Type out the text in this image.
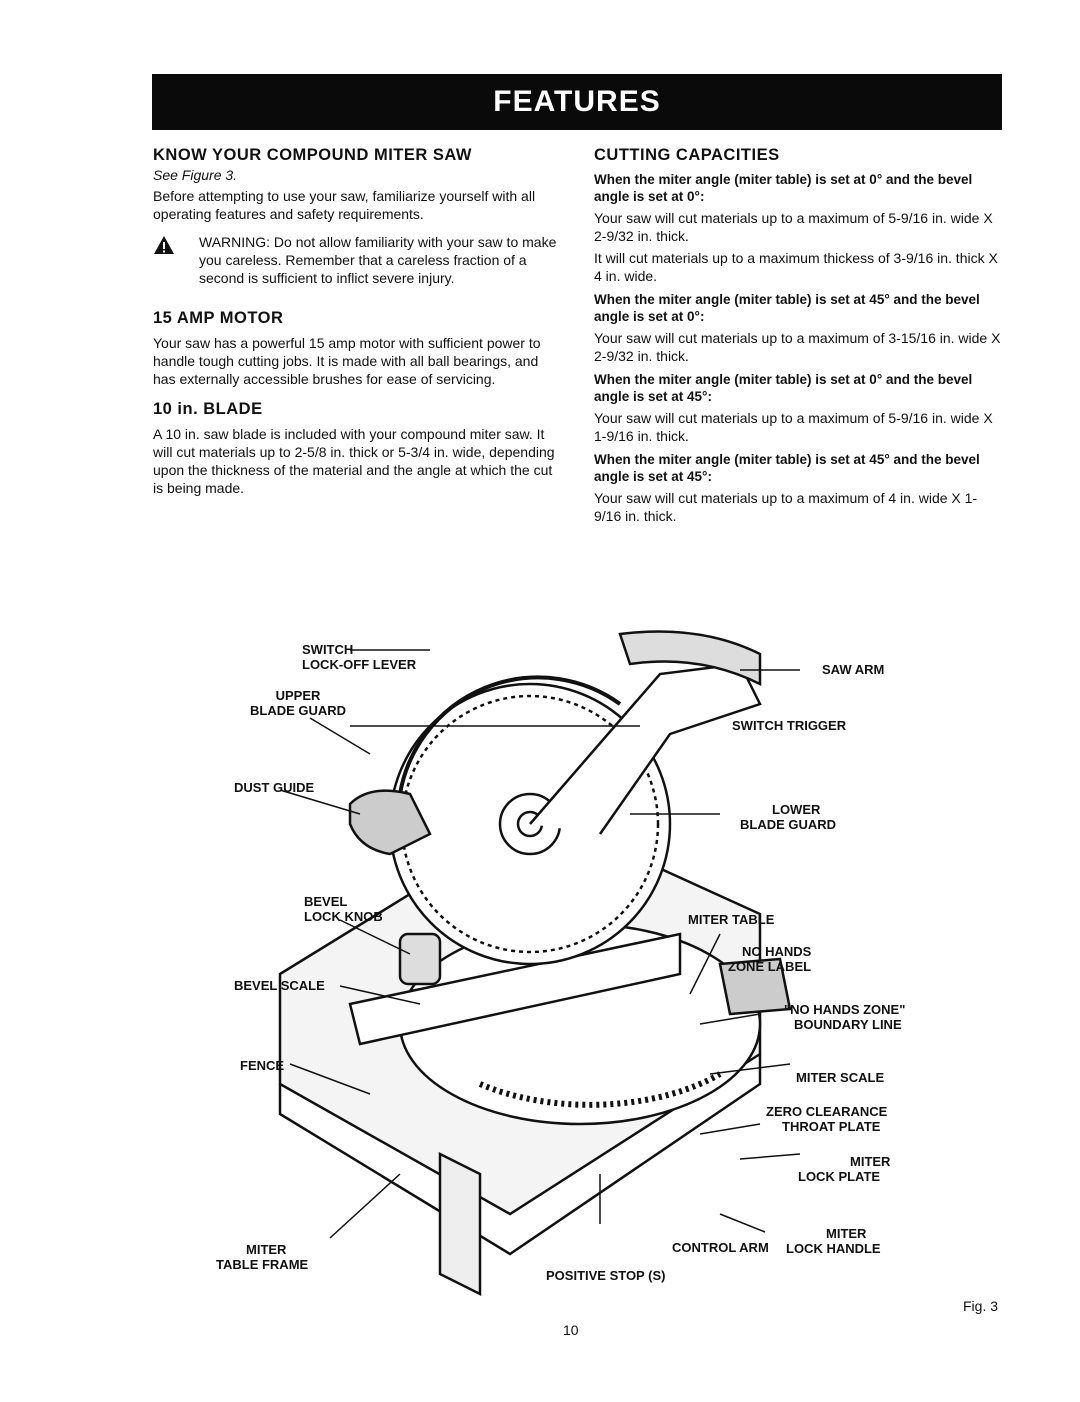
FEATURES
KNOW YOUR COMPOUND MITER SAW
See Figure 3.

Before attempting to use your saw, familiarize yourself with all operating features and safety requirements.

WARNING: Do not allow familiarity with your saw to make you careless. Remember that a careless fraction of a second is sufficient to inflict severe injury.
15 AMP MOTOR

Your saw has a powerful 15 amp motor with sufficient power to handle tough cutting jobs. It is made with all ball bearings, and has externally accessible brushes for ease of servicing.

10 in. BLADE

A 10 in. saw blade is included with your compound miter saw. It will cut materials up to 2-5/8 in. thick or 5-3/4 in. wide, depending upon the thickness of the material and the angle at which the cut is being made.

CUTTING CAPACITIES

When the miter angle (miter table) is set at 0° and the bevel angle is set at 0°:

Your saw will cut materials up to a maximum of 5-9/16 in. wide X 2-9/32 in. thick.

It will cut materials up to a maximum thickess of 3-9/16 in. thick X 4 in. wide.

When the miter angle (miter table) is set at 45° and the bevel angle is set at 0°:

Your saw will cut materials up to a maximum of 3-15/16 in. wide X 2-9/32 in. thick.

When the miter angle (miter table) is set at 0° and the bevel angle is set at 45°:

Your saw will cut materials up to a maximum of 5-9/16 in. wide X 1-9/16 in. thick.

When the miter angle (miter table) is set at 45° and the bevel angle is set at 45°:

Your saw will cut materials up to a maximum of 4 in. wide X 1-9/16 in. thick.

SWITCH
LOCK-OFF LEVER
UPPER
BLADE GUARD
DUST GUIDE
BEVEL
LOCK KNOB
BEVEL SCALE
FENCE
MITER
TABLE FRAME
SAW ARM
SWITCH TRIGGER
LOWER
BLADE GUARD
MITER TABLE
NO HANDS
ZONE LABEL
"NO HANDS ZONE"
BOUNDARY LINE
MITER SCALE
ZERO CLEARANCE
THROAT PLATE
MITER
LOCK PLATE
CONTROL ARM
MITER
LOCK HANDLE
POSITIVE STOP (S)
Fig. 3
10
